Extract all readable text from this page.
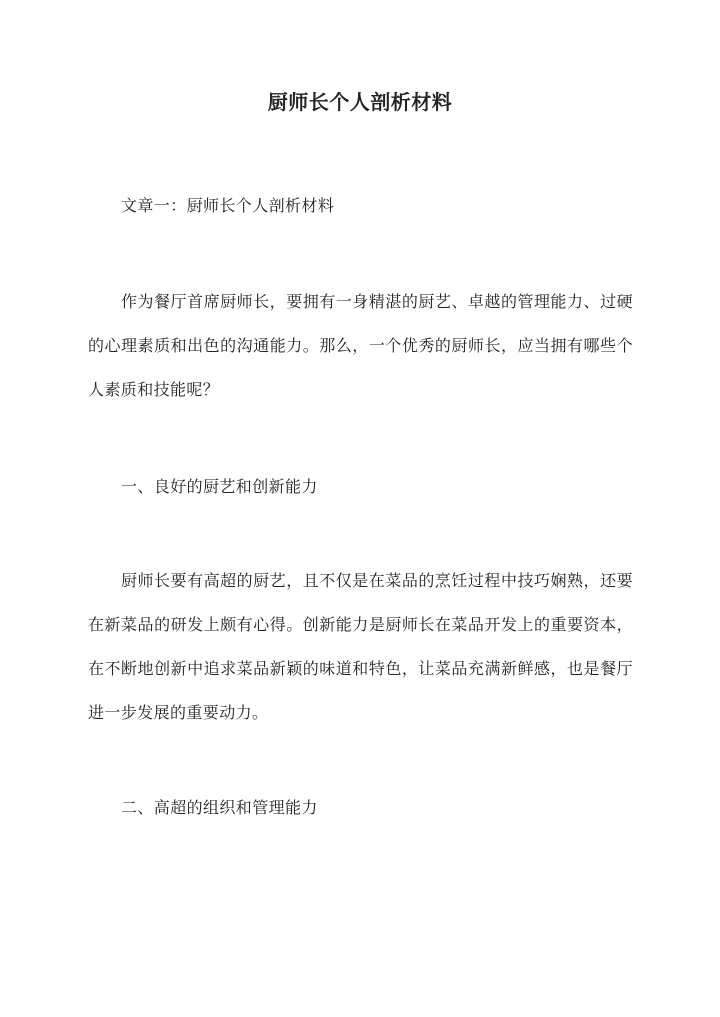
厨师长个人剖析材料
文章一：厨师长个人剖析材料
作为餐厅首席厨师长，要拥有一身精湛的厨艺、卓越的管理能力、过硬的心理素质和出色的沟通能力。那么，一个优秀的厨师长，应当拥有哪些个人素质和技能呢？
一、良好的厨艺和创新能力
厨师长要有高超的厨艺，且不仅是在菜品的烹饪过程中技巧娴熟，还要在新菜品的研发上颇有心得。创新能力是厨师长在菜品开发上的重要资本，在不断地创新中追求菜品新颖的味道和特色，让菜品充满新鲜感，也是餐厅进一步发展的重要动力。
二、高超的组织和管理能力
